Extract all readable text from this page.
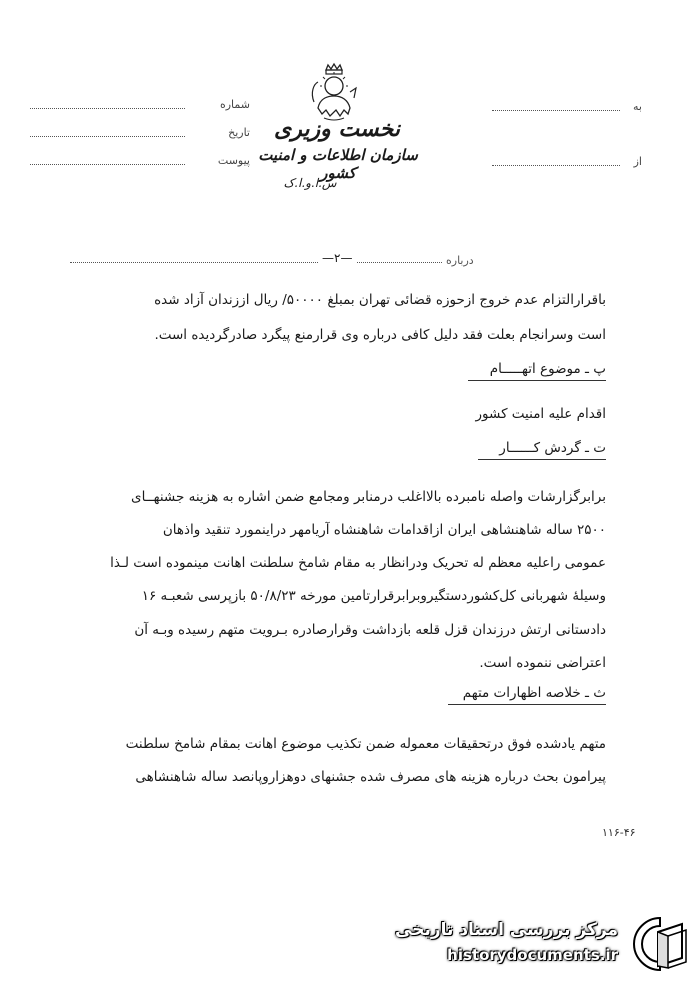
شماره
تاریخ
پیوست
به
از
نخست وزیری
سازمان اطلاعات و امنیت کشور
س.ا.و.ا.ک
درباره
—۲—
باقرارالتزام عدم خروج ازحوزه قضائی تهران بمبلغ ۵۰۰۰۰/ ریال اززندان آزاد شده
است وسرانجام بعلت فقد دلیل کافی درباره وی قرارمنع پیگرد صادرگردیده است.
پ ـ موضوع اتهـــــام
اقدام علیه امنیت کشور
ت ـ گردش کــــــار
برابرگزارشات واصله نامبرده بالااغلب درمنابر ومجامع ضمن اشاره به هزینه جشنهــای
۲۵۰۰ ساله شاهنشاهی ایران ازاقدامات شاهنشاه آریامهر دراینمورد تنقید واذهان
عمومی راعلیه معظم له تحریک ودرانظار به مقام شامخ سلطنت اهانت مینموده است لـذا
وسیله‌ٔ شهربانی کل‌کشوردستگیروبرابرقرارتامین مورخه ۵۰/۸/۲۳ بازپرسی شعبـه ۱۶
دادستانی ارتش درزندان قزل قلعه بازداشت وقرارصادره بـرویت متهم رسیده وبـه آن
اعتراضی ننموده است.
ث ـ خلاصه اظهارات متهم
متهم یادشده فوق درتحقیقات معموله ضمن تکذیب موضوع اهانت بمقام شامخ سلطنت
پیرامون بحث درباره هزینه های مصرف شده جشنهای دوهزاروپانصد ساله شاهنشاهی
۱۱۶-۴۶
مرکز بررسی اسناد تاریخی
historydocuments.ir
